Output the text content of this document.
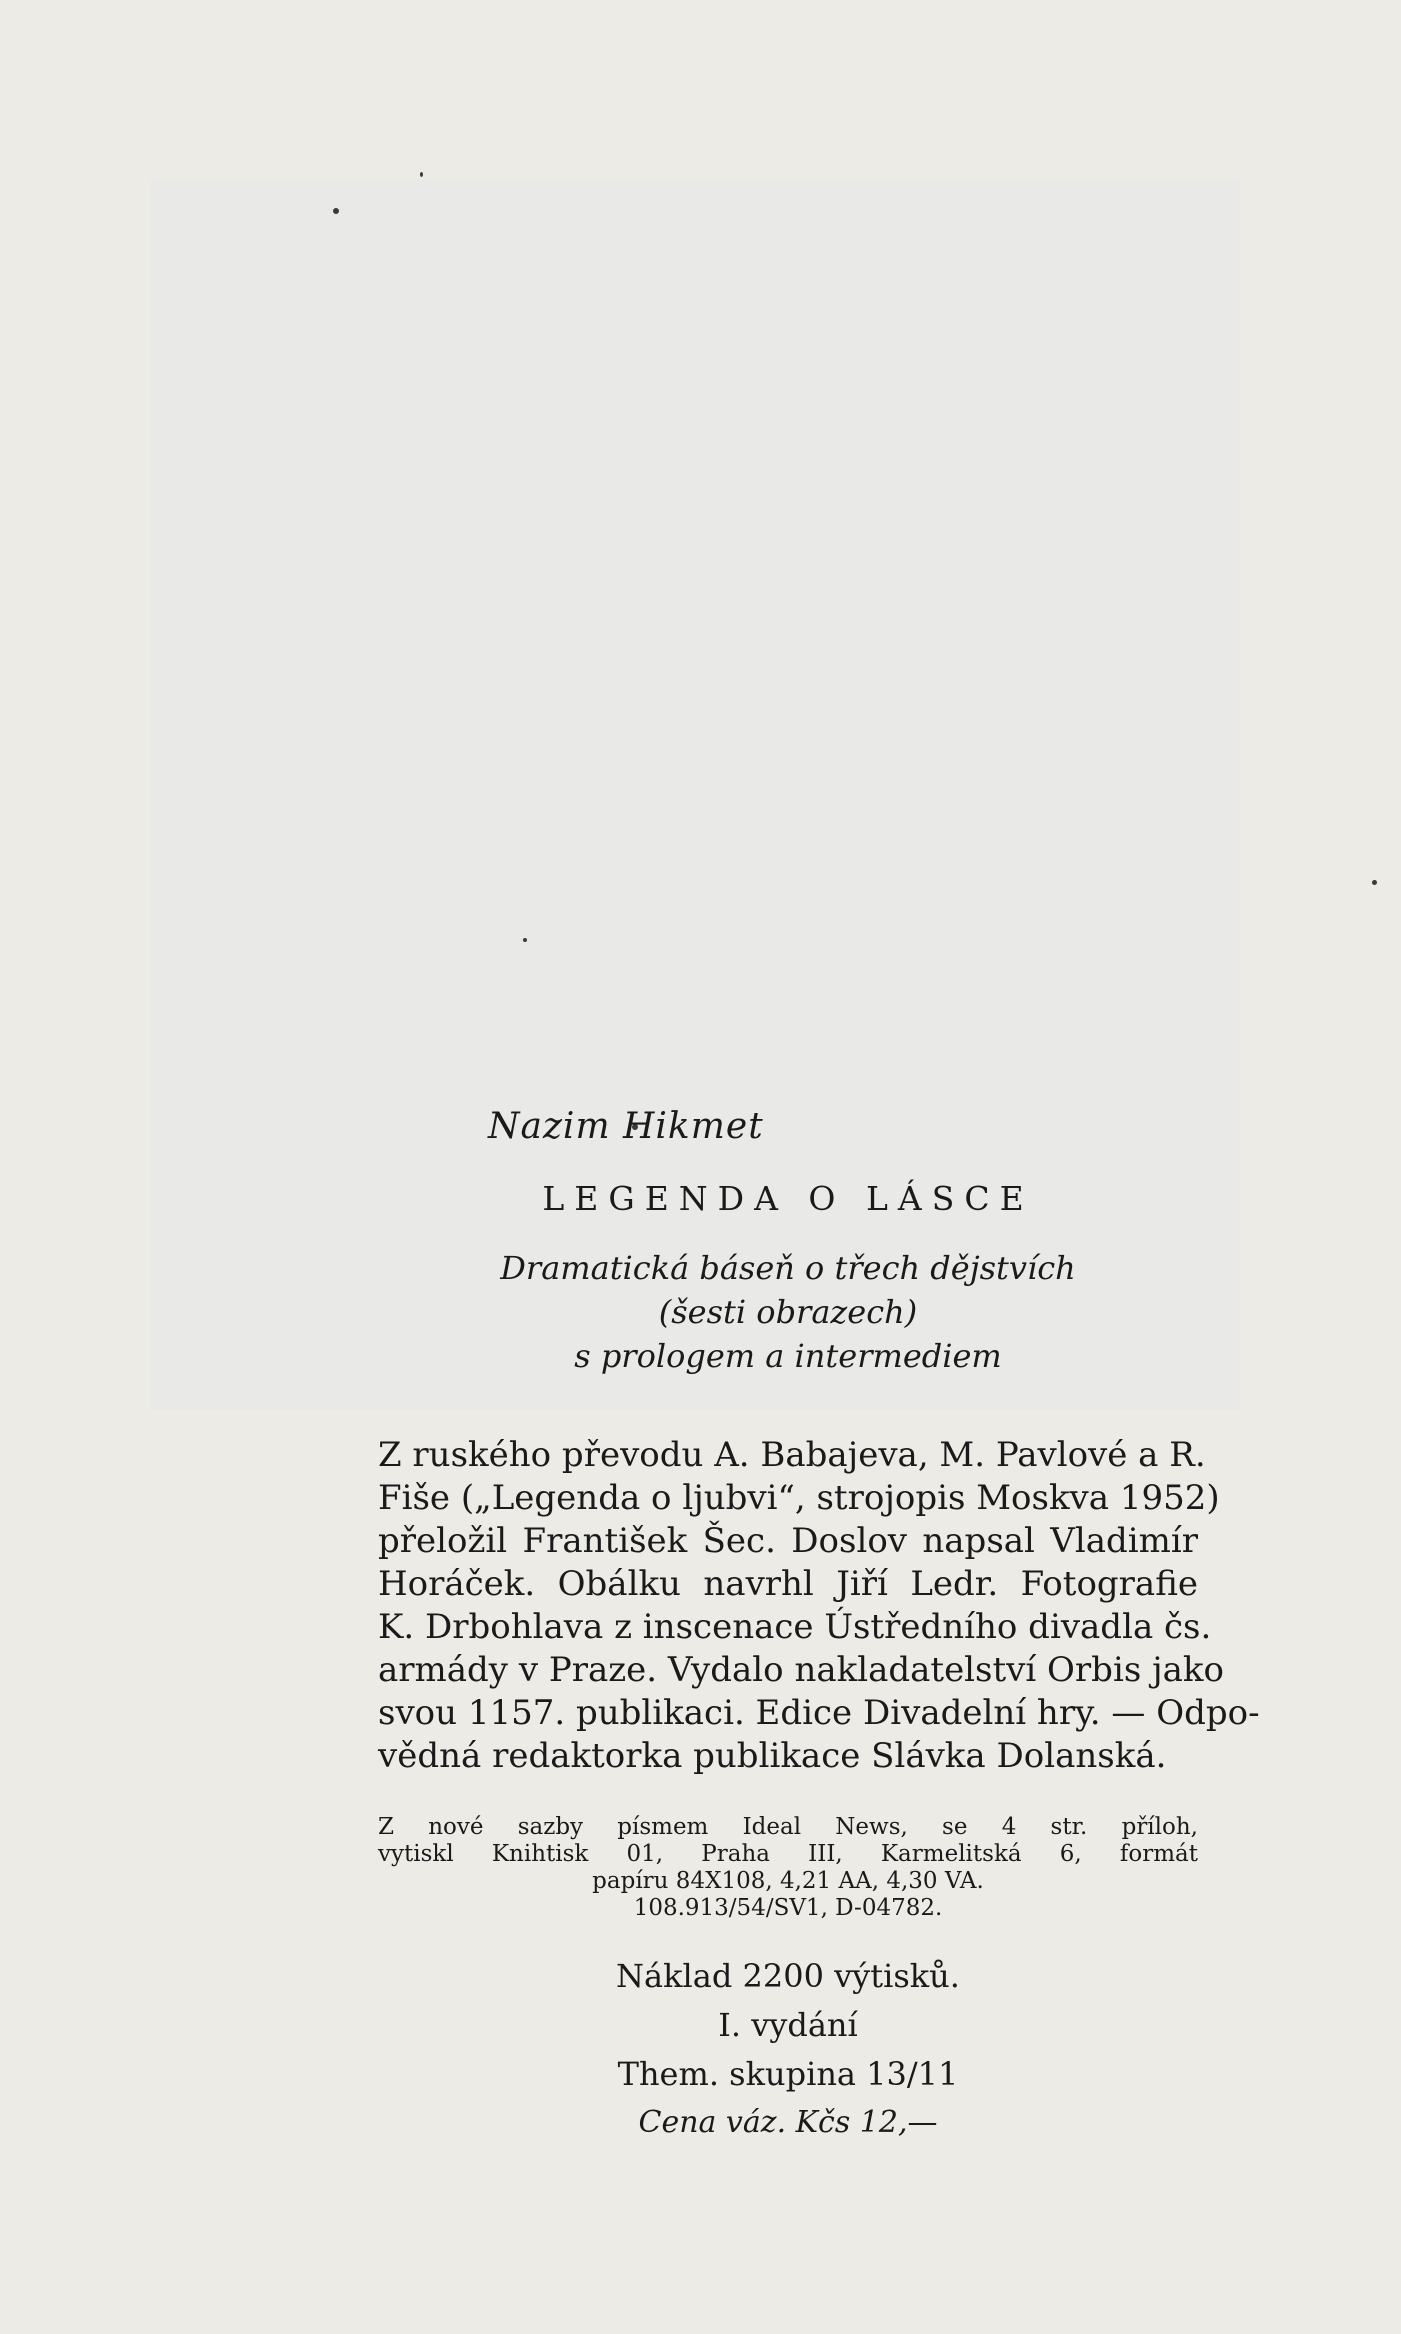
Nazim Hikmet

LEGENDA O LÁSCE

Dramatická báseň o třech dějstvích

(šesti obrazech)

s prologem a intermediem

Z ruského převodu A. Babajeva, M. Pavlové a R.
Fiše („Legenda o ljubvi“, strojopis Moskva 1952)
přeložil František Šec. Doslov napsal Vladimír
Horáček. Obálku navrhl Jiří Ledr. Fotografie
K. Drbohlava z inscenace Ústředního divadla čs.
armády v Praze. Vydalo nakladatelství Orbis jako
svou 1157. publikaci. Edice Divadelní hry. — Odpo-
vědná redaktorka publikace Slávka Dolanská.
Z nové sazby písmem Ideal News, se 4 str. příloh,
vytiskl Knihtisk 01, Praha III, Karmelitská 6, formát
papíru 84X108, 4,21 AA, 4,30 VA.
108.913/54/SV1, D-04782.

Náklad 2200 výtisků.

I. vydání

Them. skupina 13/11

Cena váz. Kčs 12,—
